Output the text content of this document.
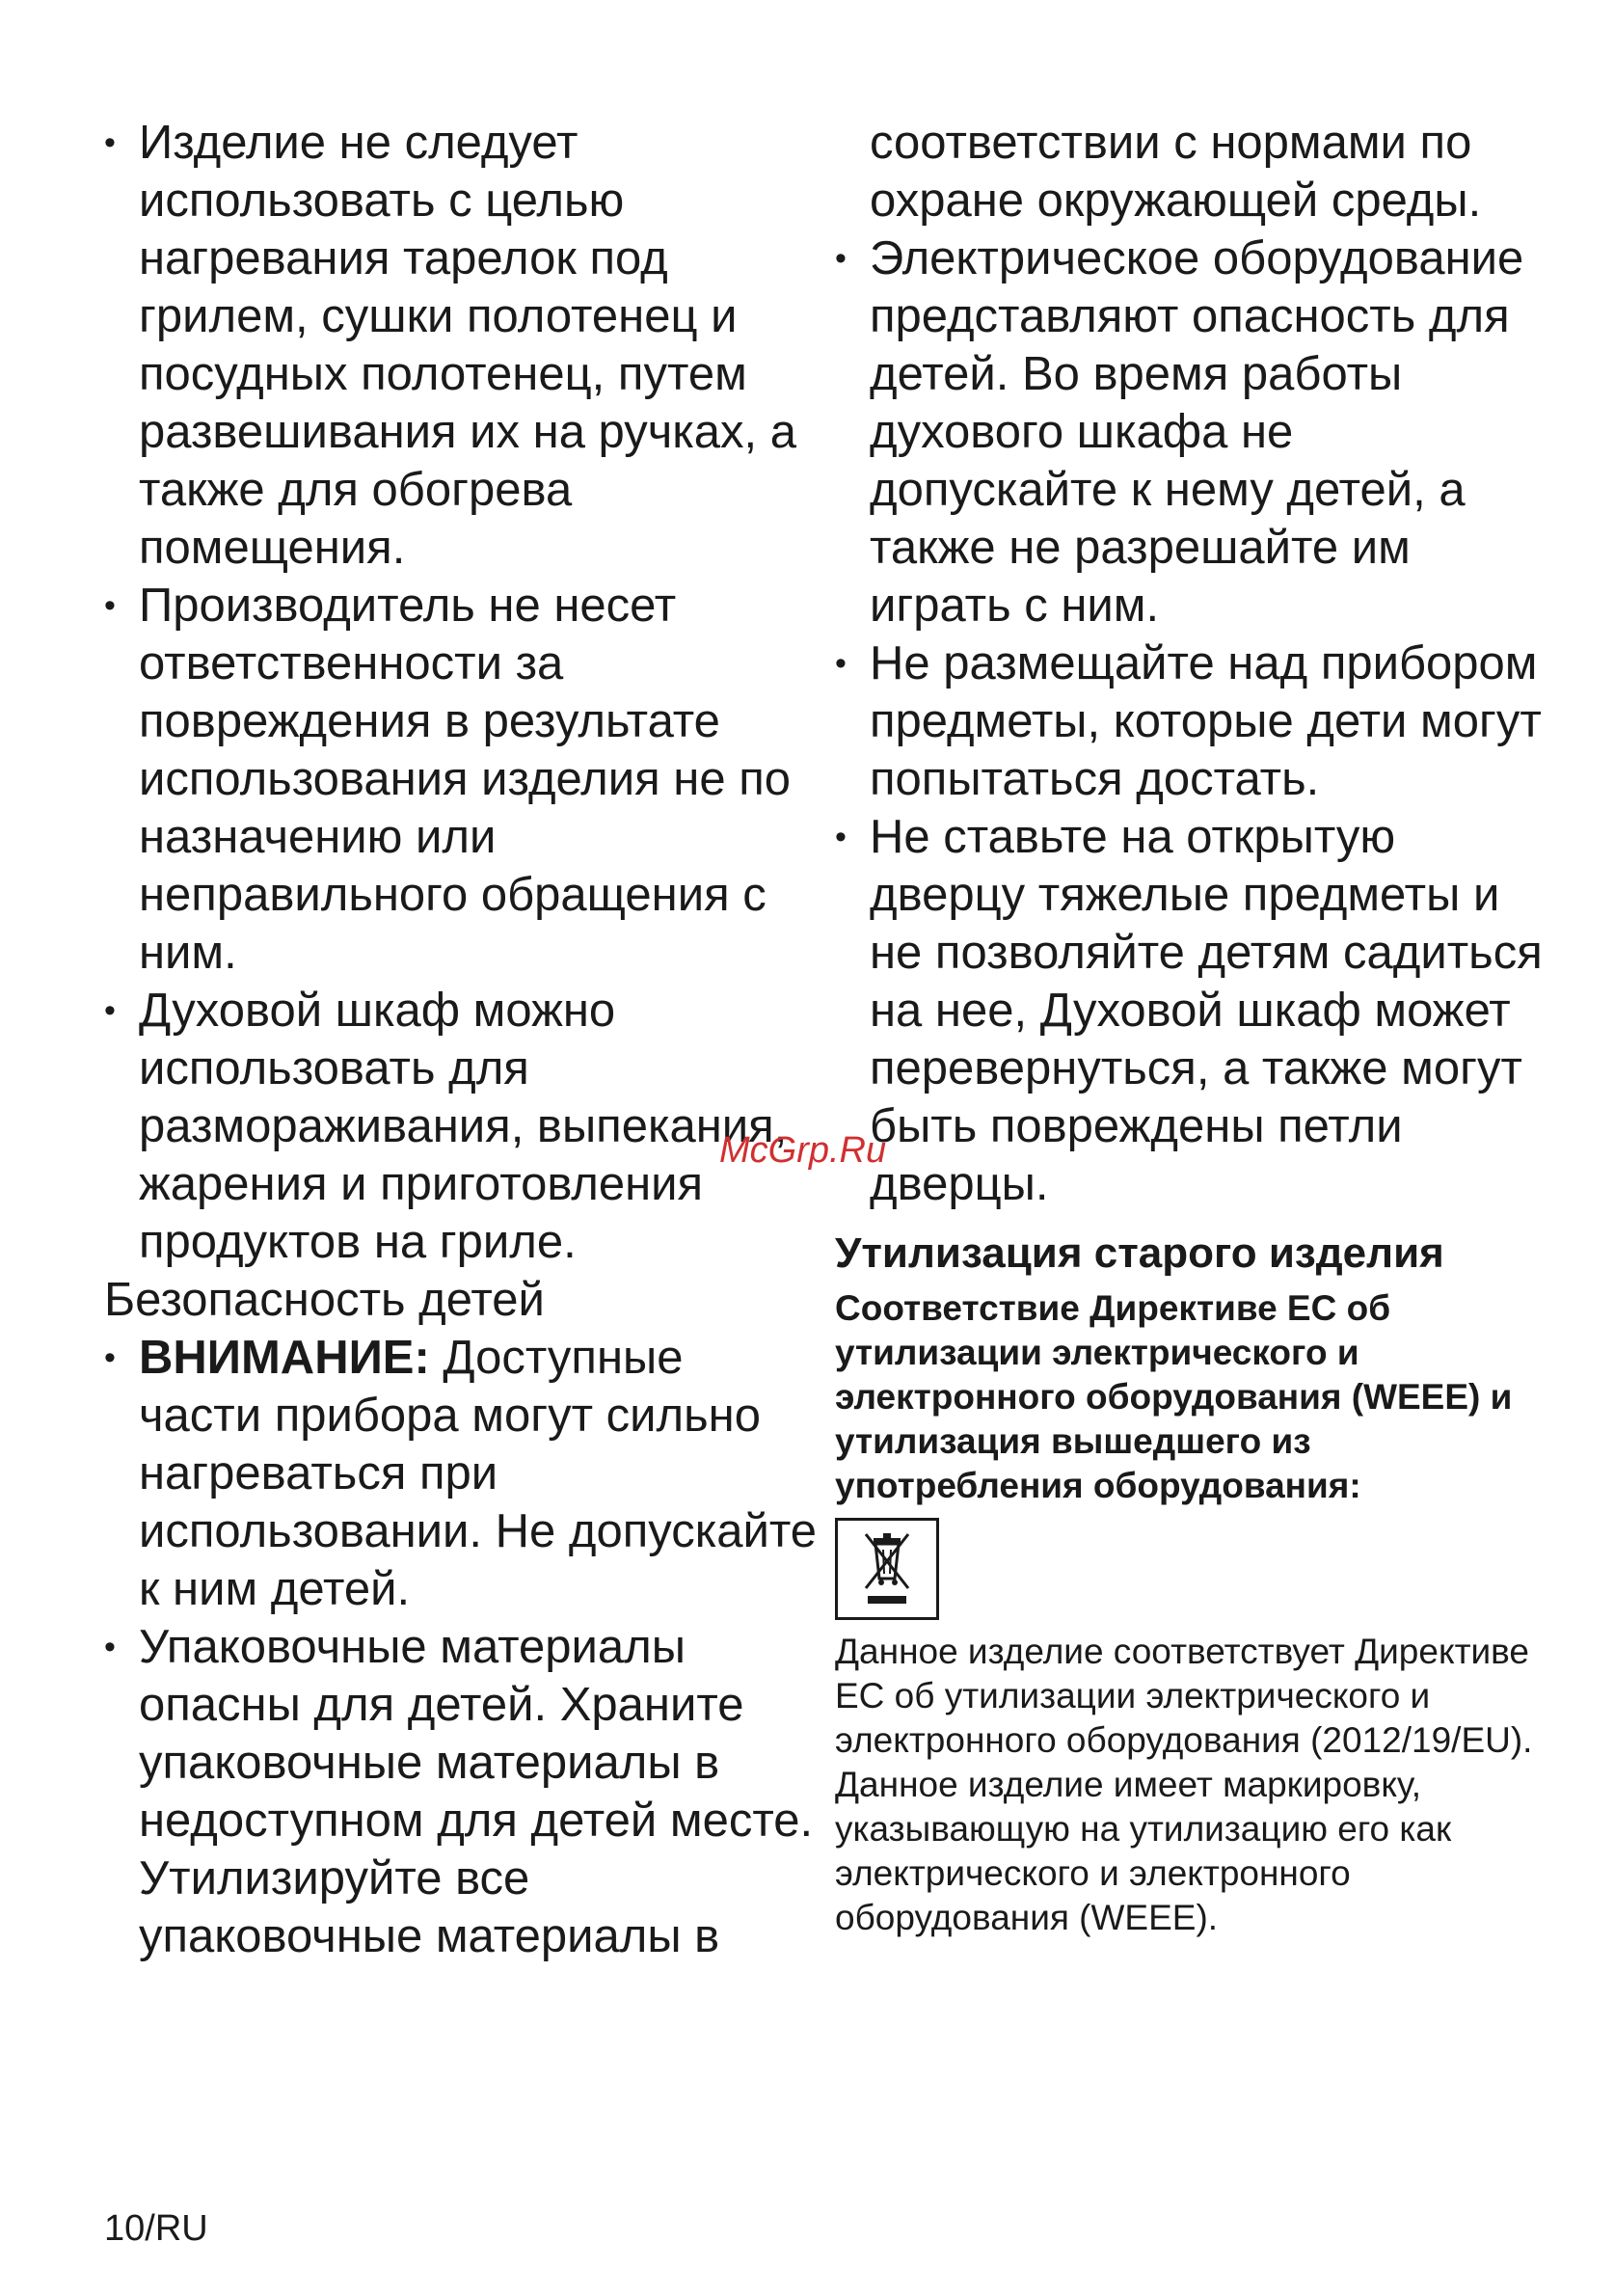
• Изделие не следует использовать с целью нагревания тарелок под грилем, сушки полотенец и посудных полотенец, путем развешивания их на ручках, а также для обогрева помещения.
• Производитель не несет ответственности за повреждения в результате использования изделия не по назначению или неправильного обращения с ним.
• Духовой шкаф можно использовать для размораживания, выпекания, жарения и приготовления продуктов на гриле.
Безопасность детей
• ВНИМАНИЕ: Доступные части прибора могут сильно нагреваться при использовании. Не допускайте к ним детей.
• Упаковочные материалы опасны для детей. Храните упаковочные материалы в недоступном для детей месте. Утилизируйте все упаковочные материалы в
соответствии с нормами по охране окружающей среды.
• Электрическое оборудование представляют опасность для детей. Во время работы духового шкафа не допускайте к нему детей, а также не разрешайте им играть с ним.
• Не размещайте над прибором предметы, которые дети могут попытаться достать.
• Не ставьте на открытую дверцу тяжелые предметы и не позволяйте детям садиться на нее, Духовой шкаф может перевернуться, а также могут быть повреждены петли дверцы.
Утилизация старого изделия
Соответствие Директиве ЕС об утилизации электрического и электронного оборудования (WEEE) и утилизация вышедшего из употребления оборудования:

Данное изделие соответствует Директиве ЕС об утилизации электрического и электронного оборудования (2012/19/EU). Данное изделие имеет маркировку, указывающую на утилизацию его как электрического и электронного оборудования (WEEE).

McGrp.Ru
10/RU
